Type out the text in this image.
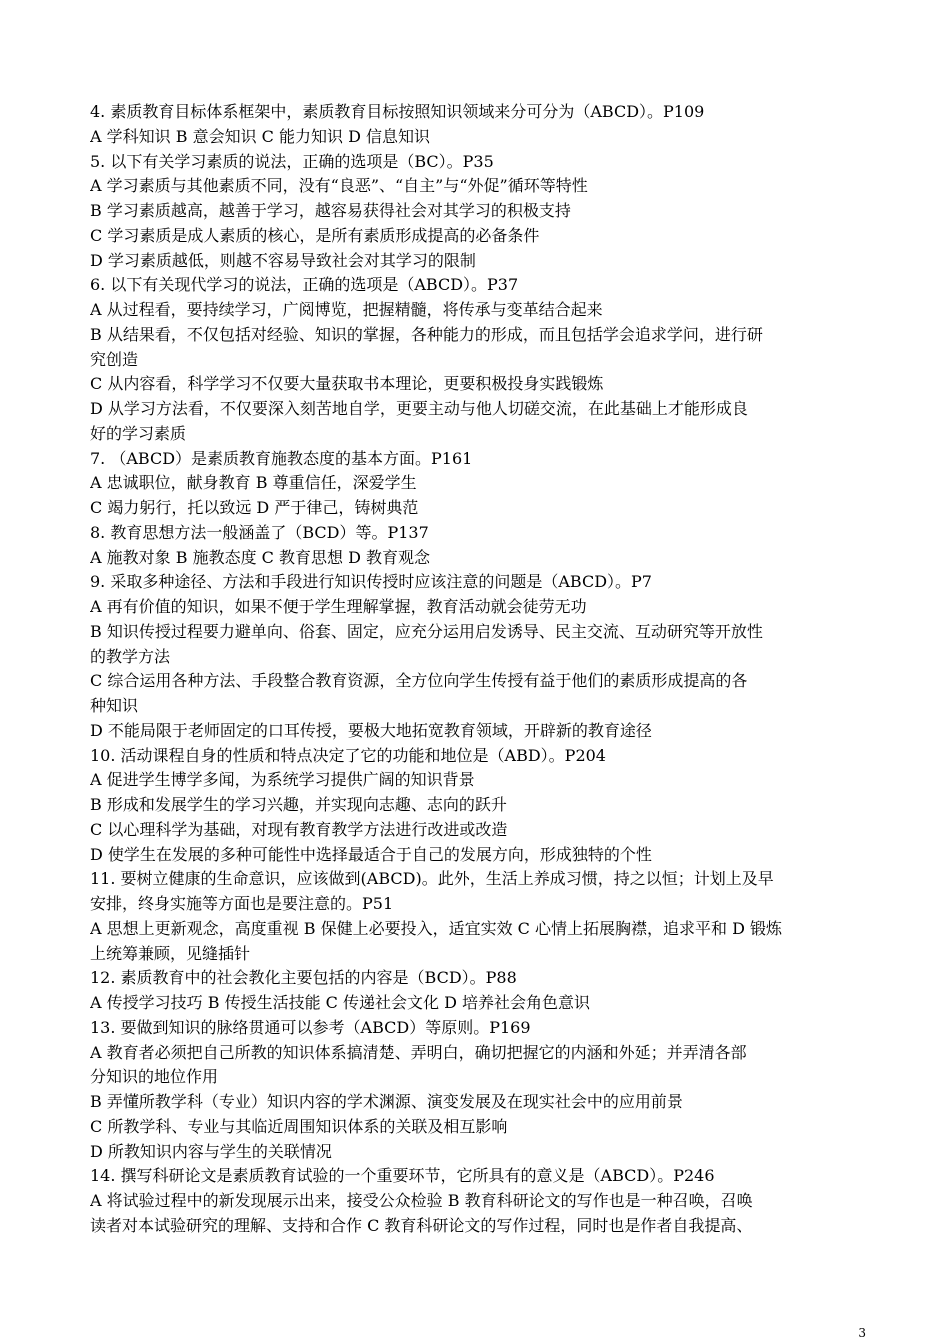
4. 素质教育目标体系框架中，素质教育目标按照知识领域来分可分为（ABCD）。P109
A 学科知识 B 意会知识 C 能力知识 D 信息知识
5. 以下有关学习素质的说法，正确的选项是（BC）。P35
A 学习素质与其他素质不同，没有“良恶”、“自主”与“外促”循环等特性
B 学习素质越高，越善于学习，越容易获得社会对其学习的积极支持
C 学习素质是成人素质的核心，是所有素质形成提高的必备条件
D 学习素质越低，则越不容易导致社会对其学习的限制
6. 以下有关现代学习的说法，正确的选项是（ABCD）。P37
A 从过程看，要持续学习，广阅博览，把握精髓，将传承与变革结合起来
B 从结果看，不仅包括对经验、知识的掌握，各种能力的形成，而且包括学会追求学问，进行研
究创造
C 从内容看，科学学习不仅要大量获取书本理论，更要积极投身实践锻炼
D 从学习方法看，不仅要深入刻苦地自学，更要主动与他人切磋交流，在此基础上才能形成良
好的学习素质
7. （ABCD）是素质教育施教态度的基本方面。P161
A 忠诚职位，献身教育 B 尊重信任，深爱学生
C 竭力躬行，托以致远 D 严于律己，铸树典范
8. 教育思想方法一般涵盖了（BCD）等。P137
A 施教对象 B 施教态度 C 教育思想 D 教育观念
9. 采取多种途径、方法和手段进行知识传授时应该注意的问题是（ABCD）。P7
A 再有价值的知识，如果不便于学生理解掌握，教育活动就会徒劳无功
B 知识传授过程要力避单向、俗套、固定，应充分运用启发诱导、民主交流、互动研究等开放性
的教学方法
C 综合运用各种方法、手段整合教育资源，全方位向学生传授有益于他们的素质形成提高的各
种知识
D 不能局限于老师固定的口耳传授，要极大地拓宽教育领域，开辟新的教育途径
10. 活动课程自身的性质和特点决定了它的功能和地位是（ABD）。P204
A 促进学生博学多闻，为系统学习提供广阔的知识背景
B 形成和发展学生的学习兴趣，并实现向志趣、志向的跃升
C 以心理科学为基础，对现有教育教学方法进行改进或改造
D 使学生在发展的多种可能性中选择最适合于自己的发展方向，形成独特的个性
11. 要树立健康的生命意识，应该做到(ABCD)。此外，生活上养成习惯，持之以恒；计划上及早
安排，终身实施等方面也是要注意的。P51
A 思想上更新观念，高度重视 B 保健上必要投入，适宜实效 C 心情上拓展胸襟，追求平和 D 锻炼
上统筹兼顾，见缝插针
12. 素质教育中的社会教化主要包括的内容是（BCD）。P88
A 传授学习技巧 B 传授生活技能 C 传递社会文化 D 培养社会角色意识
13. 要做到知识的脉络贯通可以参考（ABCD）等原则。P169
A 教育者必须把自己所教的知识体系搞清楚、弄明白，确切把握它的内涵和外延；并弄清各部
分知识的地位作用
B 弄懂所教学科（专业）知识内容的学术渊源、演变发展及在现实社会中的应用前景
C 所教学科、专业与其临近周围知识体系的关联及相互影响
D 所教知识内容与学生的关联情况
14. 撰写科研论文是素质教育试验的一个重要环节，它所具有的意义是（ABCD）。P246
A 将试验过程中的新发现展示出来，接受公众检验 B 教育科研论文的写作也是一种召唤，召唤
读者对本试验研究的理解、支持和合作 C 教育科研论文的写作过程，同时也是作者自我提高、
3
